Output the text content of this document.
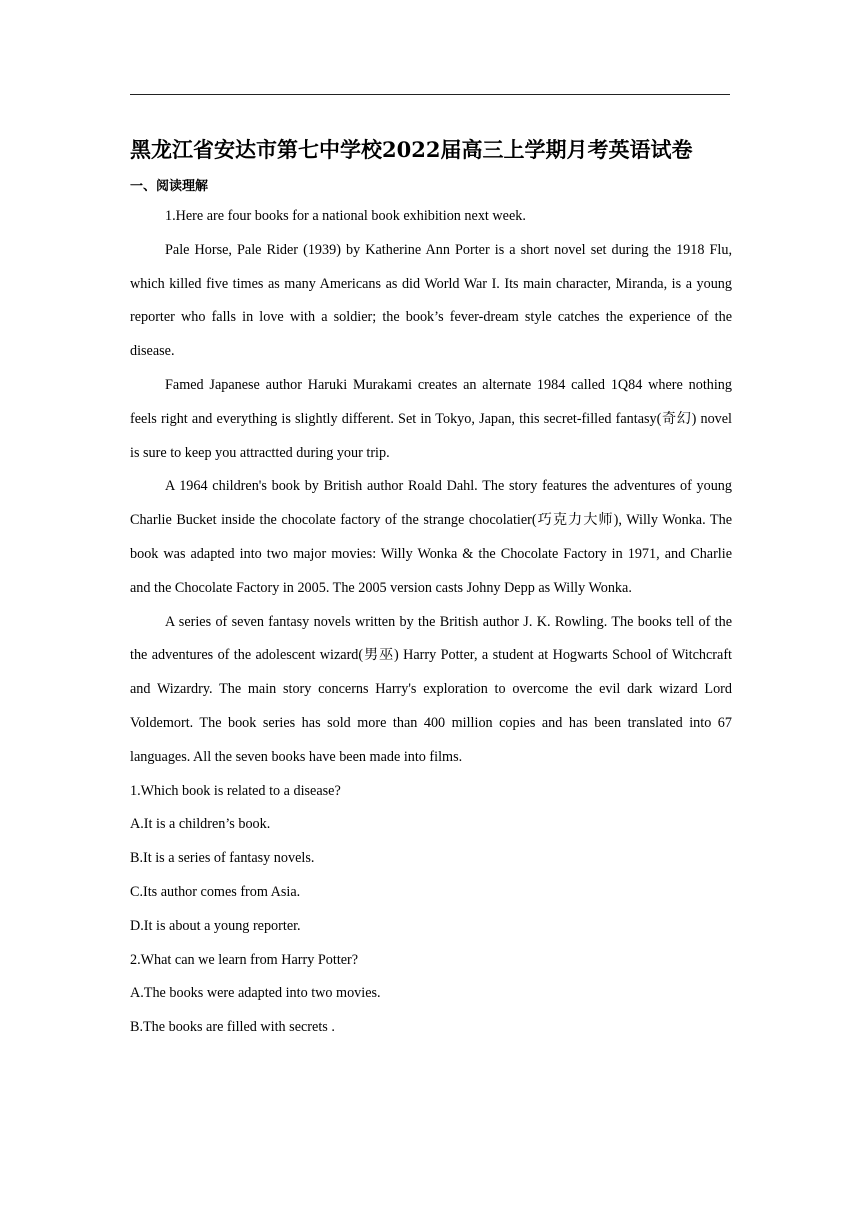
黑龙江省安达市第七中学校2022届高三上学期月考英语试卷
一、阅读理解

1.Here are four books for a national book exhibition next week.

Pale Horse, Pale Rider (1939) by Katherine Ann Porter is a short novel set during the 1918 Flu, which killed five times as many Americans as did World War I. Its main character, Miranda, is a young reporter who falls in love with a soldier; the book’s fever-dream style catches the experience of the disease.

Famed Japanese author Haruki Murakami creates an alternate 1984 called 1Q84 where nothing feels right and everything is slightly different. Set in Tokyo, Japan, this secret-filled fantasy(奇幻) novel is sure to keep you attractted during your trip.

A 1964 children's book by British author Roald Dahl. The story features the adventures of young Charlie Bucket inside the chocolate factory of the strange chocolatier(巧克力大师), Willy Wonka. The book was adapted into two major movies: Willy Wonka & the Chocolate Factory in 1971, and Charlie and the Chocolate Factory in 2005. The 2005 version casts Johny Depp as Willy Wonka.

A series of seven fantasy novels written by the British author J. K. Rowling. The books tell of the the adventures of the adolescent wizard(男巫) Harry Potter, a student at Hogwarts School of Witchcraft and Wizardry. The main story concerns Harry's exploration to overcome the evil dark wizard Lord Voldemort. The book series has sold more than 400 million copies and has been translated into 67 languages. All the seven books have been made into films.

1.Which book is related to a disease?

A.It is a children’s book.

B.It is a series of fantasy novels.

C.Its author comes from Asia.

D.It is about a young reporter.

2.What can we learn from Harry Potter?

A.The books were adapted into two movies.

B.The books are filled with secrets .
